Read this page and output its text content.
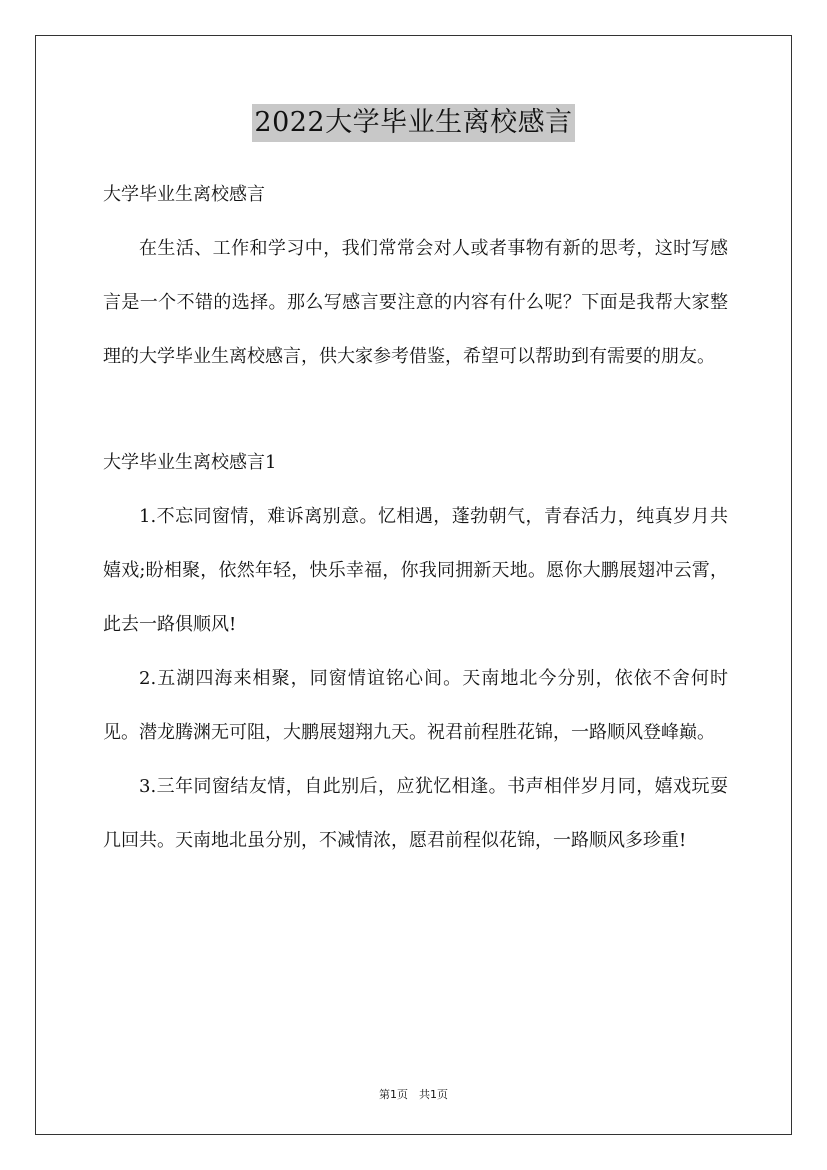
2022大学毕业生离校感言

大学毕业生离校感言

在生活、工作和学习中，我们常常会对人或者事物有新的思考，这时写感言是一个不错的选择。那么写感言要注意的内容有什么呢？下面是我帮大家整理的大学毕业生离校感言，供大家参考借鉴，希望可以帮助到有需要的朋友。

大学毕业生离校感言1

1.不忘同窗情，难诉离别意。忆相遇，蓬勃朝气，青春活力，纯真岁月共嬉戏;盼相聚，依然年轻，快乐幸福，你我同拥新天地。愿你大鹏展翅冲云霄，此去一路俱顺风!

2.五湖四海来相聚，同窗情谊铭心间。天南地北今分别，依依不舍何时见。潜龙腾渊无可阻，大鹏展翅翔九天。祝君前程胜花锦，一路顺风登峰巅。

3.三年同窗结友情，自此别后，应犹忆相逢。书声相伴岁月同，嬉戏玩耍几回共。天南地北虽分别，不减情浓，愿君前程似花锦，一路顺风多珍重!

第1页　共1页
